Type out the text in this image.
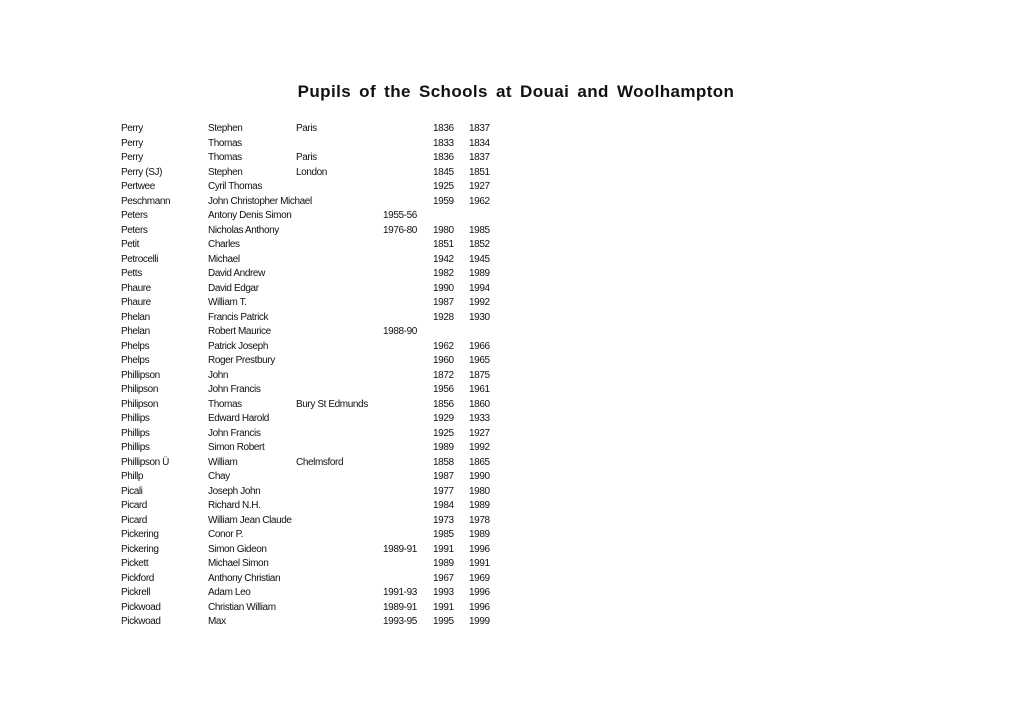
Pupils of the Schools at Douai and Woolhampton
Perry	Stephen	Paris	1836 1837
Perry	Thomas	1833 1834
Perry	Thomas	Paris	1836 1837
Perry (SJ)	Stephen	London	1845 1851
Pertwee	Cyril Thomas	1925 1927
Peschmann	John Christopher Michael	1959 1962
Peters	Antony Denis Simon	1955-56
Peters	Nicholas Anthony	1976-80 1980 1985
Petit	Charles	1851 1852
Petrocelli	Michael	1942 1945
Petts	David Andrew	1982 1989
Phaure	David Edgar	1990 1994
Phaure	William T.	1987 1992
Phelan	Francis Patrick	1928 1930
Phelan	Robert Maurice	1988-90
Phelps	Patrick Joseph	1962 1966
Phelps	Roger Prestbury	1960 1965
Phillipson	John	1872 1875
Philipson	John Francis	1956 1961
Philipson	Thomas	Bury St Edmunds	1856 1860
Phillips	Edward Harold	1929 1933
Phillips	John Francis	1925 1927
Phillips	Simon Robert	1989 1992
Phillipson Ü	William	Chelmsford	1858 1865
Phillp	Chay	1987 1990
Picali	Joseph John	1977 1980
Picard	Richard N.H.	1984 1989
Picard	William Jean Claude	1973 1978
Pickering	Conor P.	1985 1989
Pickering	Simon Gideon	1989-91 1991 1996
Pickett	Michael Simon	1989 1991
Pickford	Anthony Christian	1967 1969
Pickrell	Adam Leo	1991-93 1993 1996
Pickwoad	Christian William	1989-91 1991 1996
Pickwoad	Max	1993-95 1995 1999
